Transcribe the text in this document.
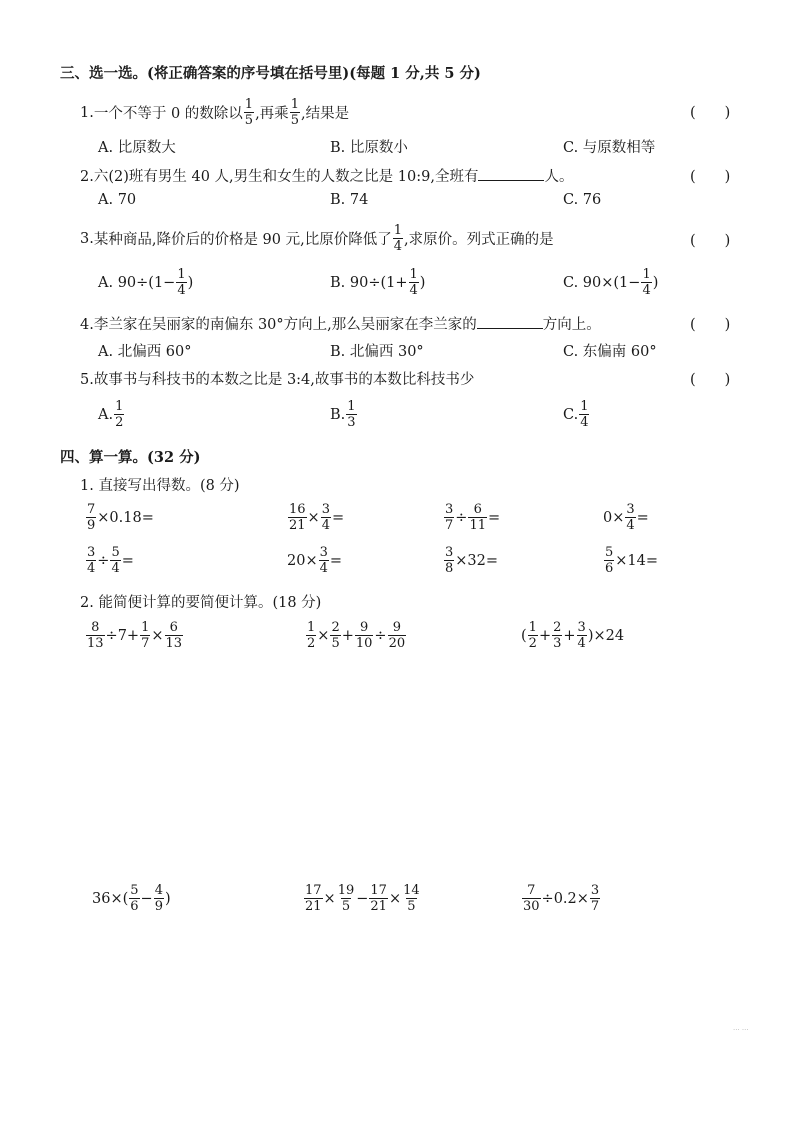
三、选一选。(将正确答案的序号填在括号里)(每题 1 分,共 5 分)
1. 一个不等于 0 的数除以 $\frac{1}{5}$ ,再乘 $\frac{1}{5}$ ,结果是	(　　)
A. 比原数大	B. 比原数小	C. 与原数相等
2.六(2)班有男生 40 人,男生和女生的人数之比是 10:9,全班有	人。	(　　)
A. 70	B. 74	C. 76
3. 某种商品,降价后的价格是 90 元,比原价降低了 $\frac{1}{4}$ ,求原价。列式正确的是	(　　)
A. $90\div(1- \frac{1}{4}$ )	B. $90\div(1+ \frac{1}{4}$ )	C. $90\times(1- \frac{1}{4}$ )
4.李兰家在吴丽家的南偏东 30°方向上,那么吴丽家在李兰家的	方向上。	(　　)
A. 北偏西 60°	B. 北偏西 30°	C. 东偏南 60°
5.故事书与科技书的本数之比是 3:4,故事书的本数比科技书少	(　　)
A. $\frac{1}{2}$	B. $\frac{1}{3}$	C. $\frac{1}{4}$
四、算一算。(32 分)
1. 直接写出得数。(8 分)
$\frac{7}{9} \times 0.18=$	$\frac{16}{21} \times \frac{3}{4}$ =	$\frac{3}{7} \div \frac{6}{11}$ =	$0\times \frac{3}{4}$ =
$\frac{3}{4} \div \frac{5}{4}$ =	$20\times \frac{3}{4}$ =	$\frac{3}{8} \times 32=$	$\frac{5}{6} \times 14=$
2. 能简便计算的要简便计算。(18 分)
$\frac{8}{13} \div 7+ \frac{1}{7} \times \frac{6}{13}$	$\frac{1}{2} \times \frac{2}{5} + \frac{9}{10} \div \frac{9}{20}$	( $\frac{1}{2} + \frac{2}{3} + \frac{3}{4} )\times 24$
$36\times( \frac{5}{6} - \frac{4}{9}$ )	$\frac{17}{21} \times \frac{19}{5} - \frac{17}{21} \times \frac{14}{5}$	$\frac{7}{30} \div 0.2\times \frac{3}{7}$
··· ···
